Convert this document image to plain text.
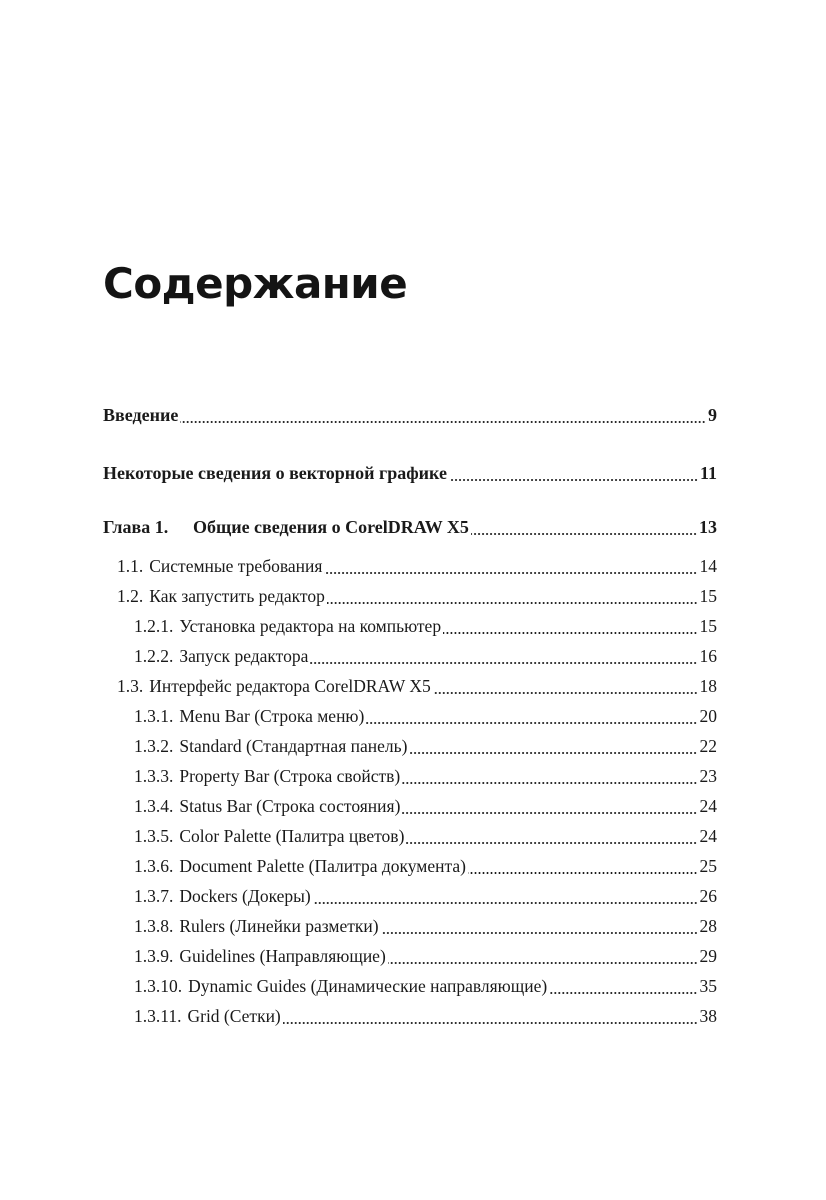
Содержание
Введение	9
Некоторые сведения о векторной графике	11
Глава 1.	Общие сведения о CorelDRAW X5	13
1.1. Системные требования	14
1.2. Как запустить редактор	15
1.2.1. Установка редактора на компьютер	15
1.2.2. Запуск редактора	16
1.3. Интерфейс редактора CorelDRAW X5	18
1.3.1. Menu Bar (Строка меню)	20
1.3.2. Standard (Стандартная панель)	22
1.3.3. Property Bar (Строка свойств)	23
1.3.4. Status Bar (Строка состояния)	24
1.3.5. Color Palette (Палитра цветов)	24
1.3.6. Document Palette (Палитра документа)	25
1.3.7. Dockers (Докеры)	26
1.3.8. Rulers (Линейки разметки)	28
1.3.9. Guidelines (Направляющие)	29
1.3.10. Dynamic Guides (Динамические направляющие)	35
1.3.11. Grid (Сетки)	38
